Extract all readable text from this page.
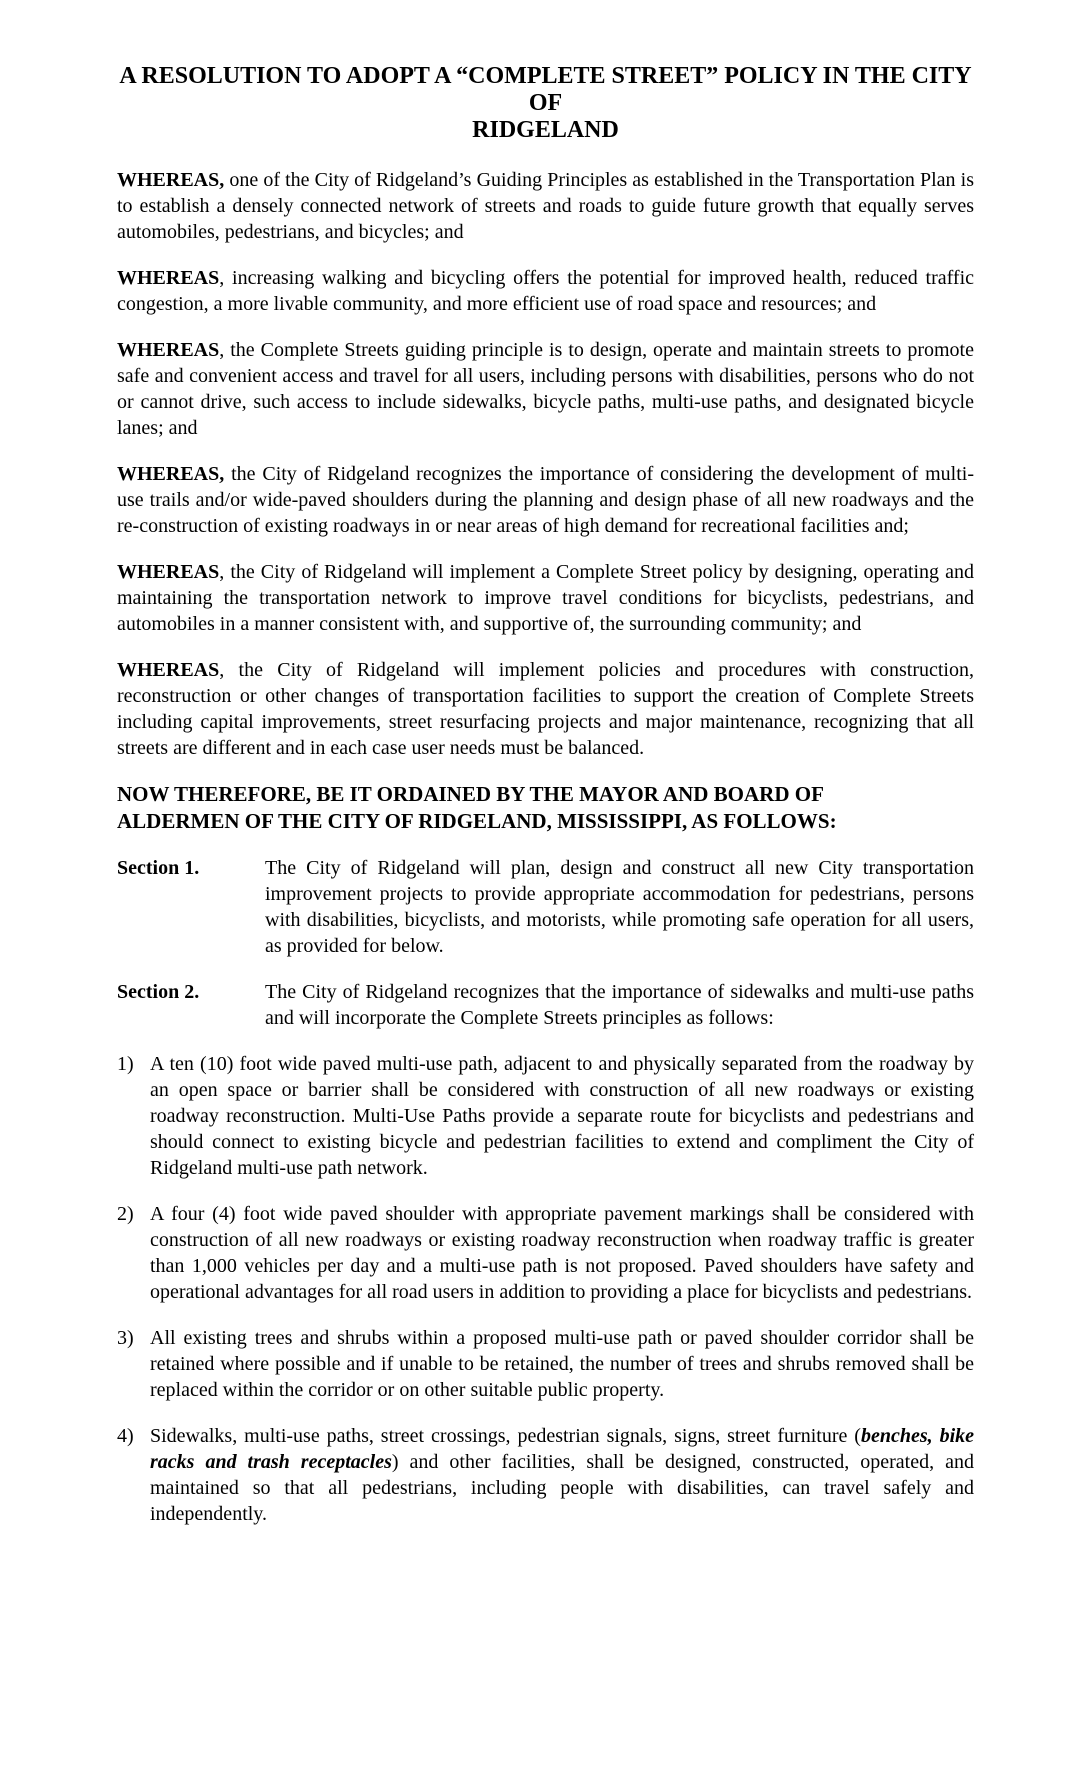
A RESOLUTION TO ADOPT A “COMPLETE STREET” POLICY IN THE CITY OF
RIDGELAND

WHEREAS, one of the City of Ridgeland’s Guiding Principles as established in the Transportation Plan is to establish a densely connected network of streets and roads to guide future growth that equally serves automobiles, pedestrians, and bicycles; and

WHEREAS, increasing walking and bicycling offers the potential for improved health, reduced traffic congestion, a more livable community, and more efficient use of road space and resources; and

WHEREAS, the Complete Streets guiding principle is to design, operate and maintain streets to promote safe and convenient access and travel for all users, including persons with disabilities, persons who do not or cannot drive, such access to include sidewalks, bicycle paths, multi-use paths, and designated bicycle lanes; and

WHEREAS, the City of Ridgeland recognizes the importance of considering the development of multi-use trails and/or wide-paved shoulders during the planning and design phase of all new roadways and the re-construction of existing roadways in or near areas of high demand for recreational facilities and;

WHEREAS, the City of Ridgeland will implement a Complete Street policy by designing, operating and maintaining the transportation network to improve travel conditions for bicyclists, pedestrians, and automobiles in a manner consistent with, and supportive of, the surrounding community; and

WHEREAS, the City of Ridgeland will implement policies and procedures with construction, reconstruction or other changes of transportation facilities to support the creation of Complete Streets including capital improvements, street resurfacing projects and major maintenance, recognizing that all streets are different and in each case user needs must be balanced.

NOW THEREFORE, BE IT ORDAINED BY THE MAYOR AND BOARD OF
ALDERMEN OF THE CITY OF RIDGELAND, MISSISSIPPI, AS FOLLOWS:
Section 1.	The City of Ridgeland will plan, design and construct all new City transportation improvement projects to provide appropriate accommodation for pedestrians, persons with disabilities, bicyclists, and motorists, while promoting safe operation for all users, as provided for below.
Section 2.	The City of Ridgeland recognizes that the importance of sidewalks and multi-use paths and will incorporate the Complete Streets principles as follows:
1) A ten (10) foot wide paved multi-use path, adjacent to and physically separated from the roadway by an open space or barrier shall be considered with construction of all new roadways or existing roadway reconstruction. Multi-Use Paths provide a separate route for bicyclists and pedestrians and should connect to existing bicycle and pedestrian facilities to extend and compliment the City of Ridgeland multi-use path network.
2) A four (4) foot wide paved shoulder with appropriate pavement markings shall be considered with construction of all new roadways or existing roadway reconstruction when roadway traffic is greater than 1,000 vehicles per day and a multi-use path is not proposed. Paved shoulders have safety and operational advantages for all road users in addition to providing a place for bicyclists and pedestrians.
3) All existing trees and shrubs within a proposed multi-use path or paved shoulder corridor shall be retained where possible and if unable to be retained, the number of trees and shrubs removed shall be replaced within the corridor or on other suitable public property.
4) Sidewalks, multi-use paths, street crossings, pedestrian signals, signs, street furniture (benches, bike racks and trash receptacles) and other facilities, shall be designed, constructed, operated, and maintained so that all pedestrians, including people with disabilities, can travel safely and independently.
